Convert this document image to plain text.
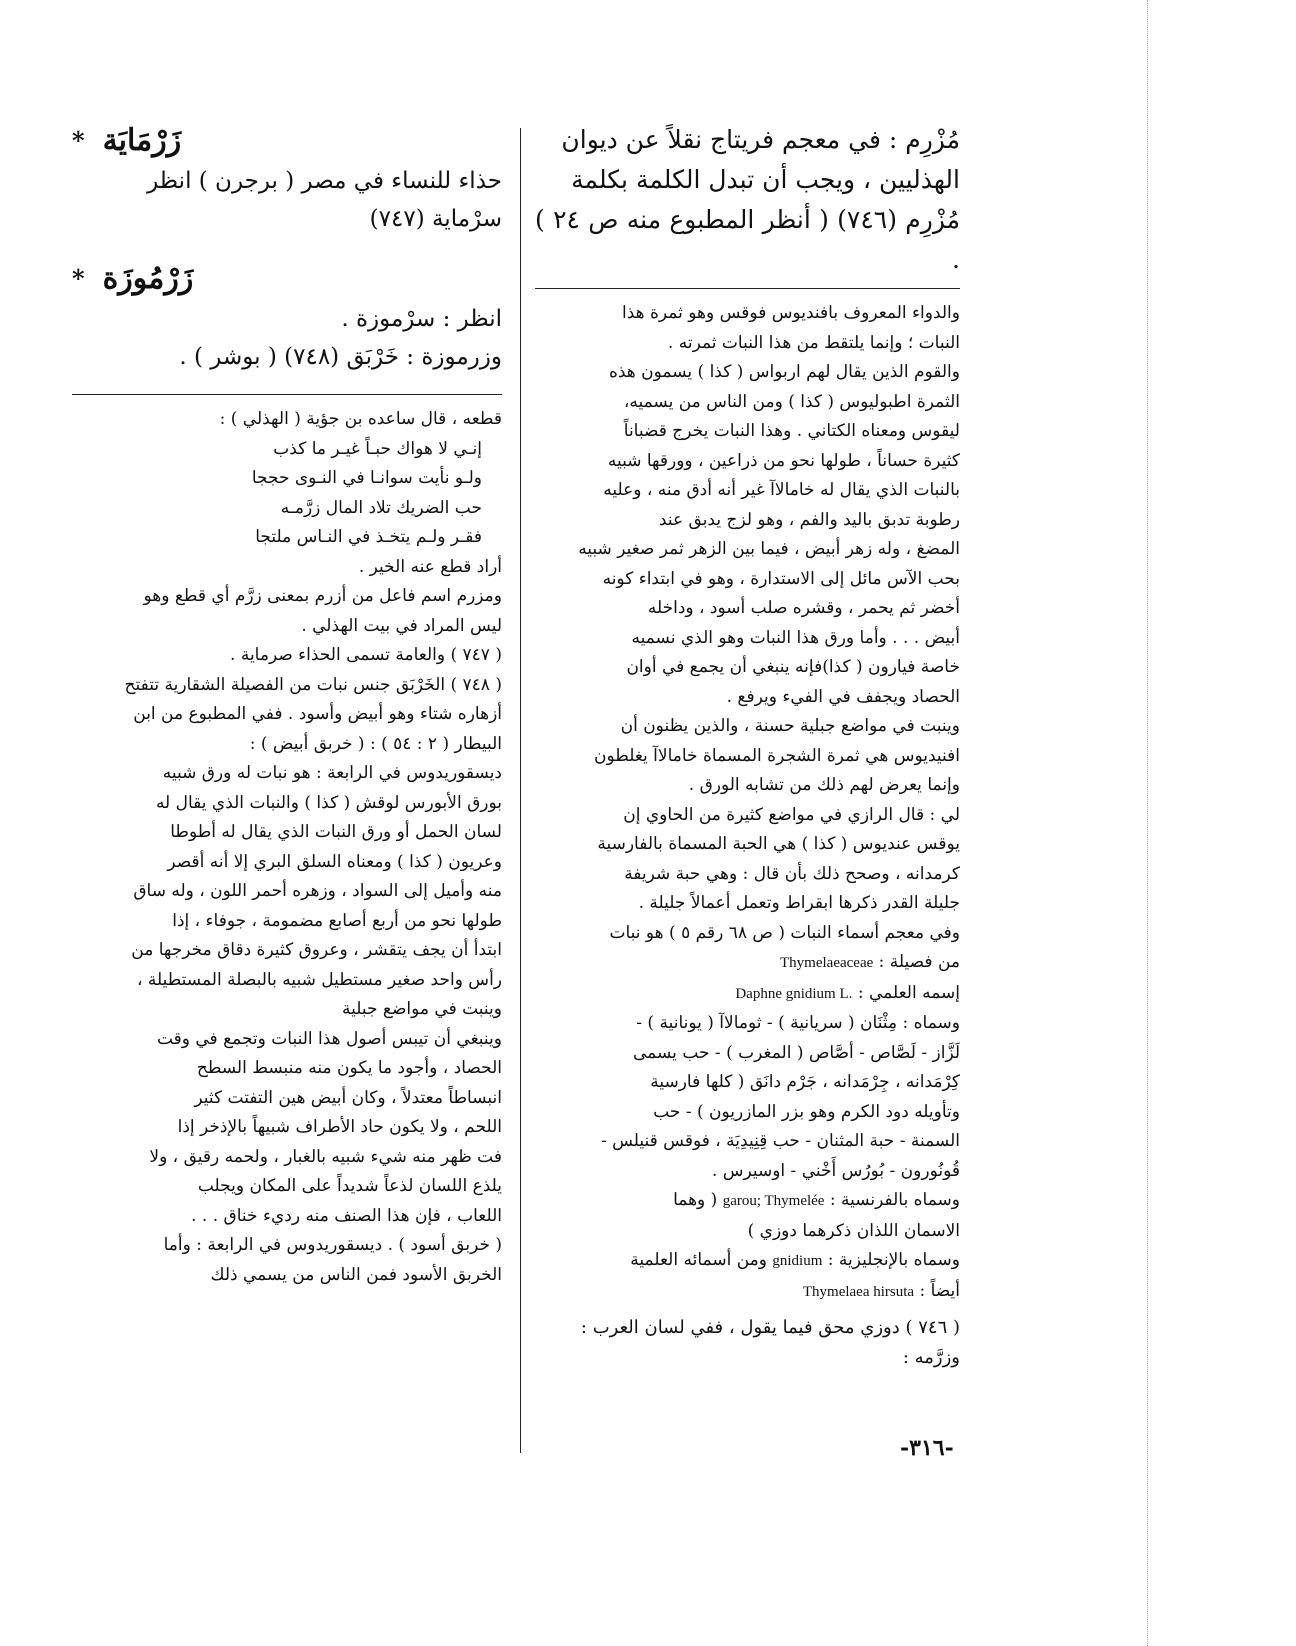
مُزْرِم : في معجم فريتاج نقلاً عن ديوان
الهذليين ، ويجب أن تبدل الكلمة بكلمة
مُزْرِم (٧٤٦) ( أنظر المطبوع منه ص ٢٤ ) .

والدواء المعروف بافنديوس فوقس وهو ثمرة هذا

النبات ؛ وإنما يلتقط من هذا النبات ثمرته .

والقوم الذين يقال لهم اربواس ( كذا ) يسمون هذه

الثمرة اطبوليوس ( كذا ) ومن الناس من يسميه،

ليقوس ومعناه الكتاني . وهذا النبات يخرج قضباناً

كثيرة حساناً ، طولها نحو من ذراعين ، وورقها شبيه

بالنبات الذي يقال له خامالاآ غير أنه أدق منه ، وعليه

رطوبة تدبق باليد والفم ، وهو لزج يدبق عند

المضغ ، وله زهر أبيض ، فيما بين الزهر ثمر صغير شبيه

بحب الآس مائل إلى الاستدارة ، وهو في ابتداء كونه

أخضر ثم يحمر ، وقشره صلب أسود ، وداخله

أبيض . . . وأما ورق هذا النبات وهو الذي نسميه

خاصة فيارون ( كذا)فإنه ينبغي أن يجمع في أوان

الحصاد ويجفف في الفيء ويرفع .

وينبت في مواضع جبلية حسنة ، والذين يظنون أن

افنيديوس هي ثمرة الشجرة المسماة خامالاآ يغلطون

وإنما يعرض لهم ذلك من تشابه الورق .

لي : قال الرازي في مواضع كثيرة من الحاوي إن

يوقس عنديوس ( كذا ) هي الحبة المسماة بالفارسية

كرمدانه ، وصحح ذلك بأن قال : وهي حبة شريفة

جليلة القدر ذكرها ابقراط وتعمل أعمالاً جليلة .

وفي معجم أسماء النبات ( ص ٦٨ رقم ٥ ) هو نبات

من فصيلة : Thymelaeaceae

إسمه العلمي : Daphne gnidium L.

وسماه : مِثْنَان ( سريانية ) - ثومالاآ ( يونانية ) -

لَزَّاز - لَصَّاص - أصَّاص ( المغرب ) - حب يسمى

كِرْمَدانه ، جِرْمَدانه ، جَرْم دانَق ( كلها فارسية

وتأويله دود الكرم وهو بزر المازريون ) - حب

السمنة - حبة المثنان - حب قِنِيدِيَة ، فوقس قنيلس -

قُونُورون - بُورُس أَخْني - اوسيرس .

وسماه بالفرنسية : garou; Thymelée ( وهما

الاسمان اللذان ذكرهما دوزي )

وسماه بالإنجليزية : gnidium ومن أسمائه العلمية

أيضاً : Thymelaea hirsuta

( ٧٤٦ ) دوزي محق فيما يقول ، ففي لسان العرب : وزرَّمه :
* زَرْمَايَة
حذاء للنساء في مصر ( برجرن ) انظر
سرْماية (٧٤٧)
* زَرْمُوزَة
انظر : سرْموزة .
وزرموزة : خَرْبَق (٧٤٨) ( بوشر ) .

قطعه ، قال ساعده بن جؤية ( الهذلي ) :

إنـي لا هواك حبـاً غيـر ما كذب

ولـو نأيت سوانـا في النـوى حججا

حب الضريك تلاد المال زرَّمـه

فقـر ولـم يتخـذ في النـاس ملتجا

أراد قطع عنه الخير .

ومزرم اسم فاعل من أزرم بمعنى زرَّم أي قطع وهو

ليس المراد في بيت الهذلي .

( ٧٤٧ ) والعامة تسمى الحذاء صرماية .

( ٧٤٨ ) الخَرْبَق جنس نبات من الفصيلة الشقارية تتفتح

أزهاره شتاء وهو أبيض وأسود . ففي المطبوع من ابن

البيطار ( ٢ : ٥٤ ) : ( خربق أبيض ) :

ديسقوريدوس في الرابعة : هو نبات له ورق شبيه

بورق الأبورس لوقش ( كذا ) والنبات الذي يقال له

لسان الحمل أو ورق النبات الذي يقال له أطوطا

وعريون ( كذا ) ومعناه السلق البري إلا أنه أقصر

منه وأميل إلى السواد ، وزهره أحمر اللون ، وله ساق

طولها نحو من أربع أصابع مضمومة ، جوفاء ، إذا

ابتدأ أن يجف يتقشر ، وعروق كثيرة دقاق مخرجها من

رأس واحد صغير مستطيل شبيه بالبصلة المستطيلة ،

وينبت في مواضع جبلية

وينبغي أن تيبس أصول هذا النبات وتجمع في وقت

الحصاد ، وأجود ما يكون منه منبسط السطح

انبساطاً معتدلاً ، وكان أبيض هين التفتت كثير

اللحم ، ولا يكون حاد الأطراف شبيهاً بالإذخر إذا

فت ظهر منه شيء شبيه بالغبار ، ولحمه رقيق ، ولا

يلذع اللسان لذعاً شديداً على المكان ويجلب

اللعاب ، فإن هذا الصنف منه رديء خناق . . .

( خربق أسود ) . ديسقوريدوس في الرابعة : وأما

الخربق الأسود فمن الناس من يسمي ذلك

-٣١٦-
